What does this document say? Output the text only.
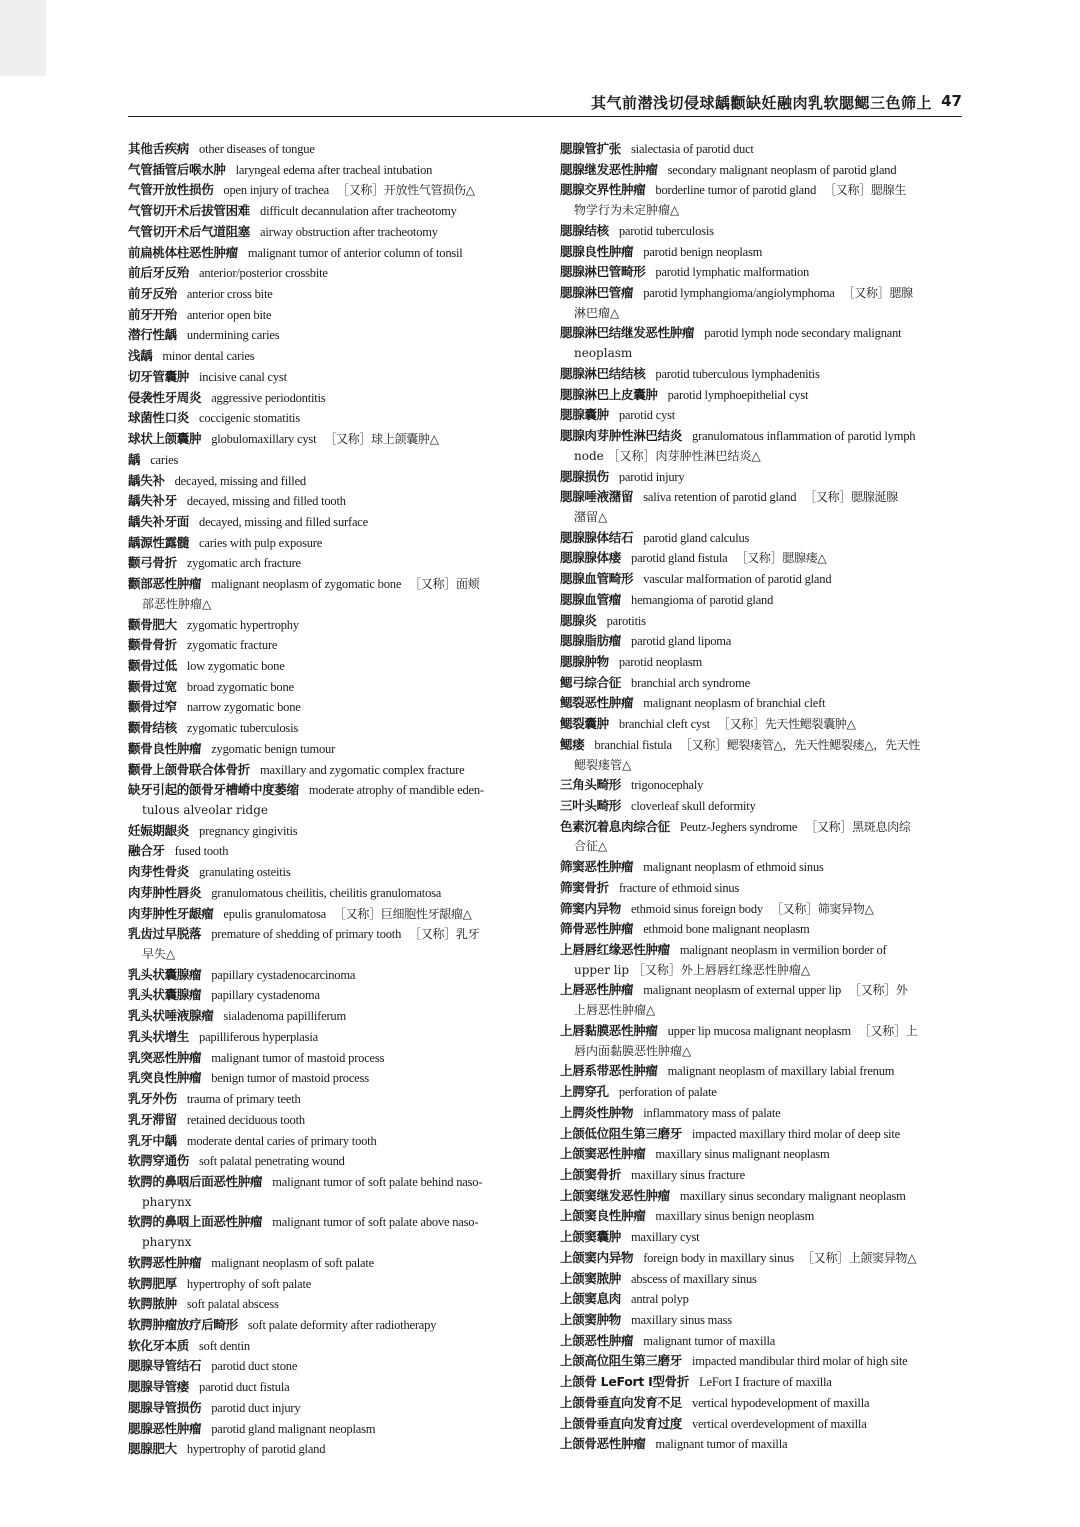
其气前潜浅切侵球龋颧缺妊融肉乳软腮鳃三色筛上 47
其他舌疾病 other diseases of tongue
气管插管后喉水肿 laryngeal edema after tracheal intubation
气管开放性损伤 open injury of trachea ［又称］开放性气管损伤△
气管切开术后拔管困难 difficult decannulation after tracheotomy
气管切开术后气道阻塞 airway obstruction after tracheotomy
前扁桃体柱恶性肿瘤 malignant tumor of anterior column of tonsil
前后牙反殆 anterior/posterior crossbite
前牙反殆 anterior cross bite
前牙开殆 anterior open bite
潜行性龋 undermining caries
浅龋 minor dental caries
切牙管囊肿 incisive canal cyst
侵袭性牙周炎 aggressive periodontitis
球菌性口炎 coccigenic stomatitis
球状上颌囊肿 globulomaxillary cyst ［又称］球上颌囊肿△
龋 caries
龋失补 decayed, missing and filled
龋失补牙 decayed, missing and filled tooth
龋失补牙面 decayed, missing and filled surface
龋源性露髓 caries with pulp exposure
颧弓骨折 zygomatic arch fracture
颧部恶性肿瘤 malignant neoplasm of zygomatic bone ［又称］面颊
部恶性肿瘤△
颧骨肥大 zygomatic hypertrophy
颧骨骨折 zygomatic fracture
颧骨过低 low zygomatic bone
颧骨过宽 broad zygomatic bone
颧骨过窄 narrow zygomatic bone
颧骨结核 zygomatic tuberculosis
颧骨良性肿瘤 zygomatic benign tumour
颧骨上颌骨联合体骨折 maxillary and zygomatic complex fracture
缺牙引起的颌骨牙槽嵴中度萎缩 moderate atrophy of mandible eden-
tulous alveolar ridge
妊娠期龈炎 pregnancy gingivitis
融合牙 fused tooth
肉芽性骨炎 granulating osteitis
肉芽肿性唇炎 granulomatous cheilitis, cheilitis granulomatosa
肉芽肿性牙龈瘤 epulis granulomatosa ［又称］巨细胞性牙龈瘤△
乳齿过早脱落 premature of shedding of primary tooth ［又称］乳牙
早失△
乳头状囊腺瘤 papillary cystadenocarcinoma
乳头状囊腺瘤 papillary cystadenoma
乳头状唾液腺瘤 sialadenoma papilliferum
乳头状增生 papilliferous hyperplasia
乳突恶性肿瘤 malignant tumor of mastoid process
乳突良性肿瘤 benign tumor of mastoid process
乳牙外伤 trauma of primary teeth
乳牙滞留 retained deciduous tooth
乳牙中龋 moderate dental caries of primary tooth
软腭穿通伤 soft palatal penetrating wound
软腭的鼻咽后面恶性肿瘤 malignant tumor of soft palate behind naso-
pharynx
软腭的鼻咽上面恶性肿瘤 malignant tumor of soft palate above naso-
pharynx
软腭恶性肿瘤 malignant neoplasm of soft palate
软腭肥厚 hypertrophy of soft palate
软腭脓肿 soft palatal abscess
软腭肿瘤放疗后畸形 soft palate deformity after radiotherapy
软化牙本质 soft dentin
腮腺导管结石 parotid duct stone
腮腺导管瘘 parotid duct fistula
腮腺导管损伤 parotid duct injury
腮腺恶性肿瘤 parotid gland malignant neoplasm
腮腺肥大 hypertrophy of parotid gland
腮腺管扩张 sialectasia of parotid duct
腮腺继发恶性肿瘤 secondary malignant neoplasm of parotid gland
腮腺交界性肿瘤 borderline tumor of parotid gland ［又称］腮腺生
物学行为未定肿瘤△
腮腺结核 parotid tuberculosis
腮腺良性肿瘤 parotid benign neoplasm
腮腺淋巴管畸形 parotid lymphatic malformation
腮腺淋巴管瘤 parotid lymphangioma/angiolymphoma ［又称］腮腺
淋巴瘤△
腮腺淋巴结继发恶性肿瘤 parotid lymph node secondary malignant
neoplasm
腮腺淋巴结结核 parotid tuberculous lymphadenitis
腮腺淋巴上皮囊肿 parotid lymphoepithelial cyst
腮腺囊肿 parotid cyst
腮腺肉芽肿性淋巴结炎 granulomatous inflammation of parotid lymph
node ［又称］肉芽肿性淋巴结炎△
腮腺损伤 parotid injury
腮腺唾液潴留 saliva retention of parotid gland ［又称］腮腺涎腺
潴留△
腮腺腺体结石 parotid gland calculus
腮腺腺体瘘 parotid gland fistula ［又称］腮腺瘘△
腮腺血管畸形 vascular malformation of parotid gland
腮腺血管瘤 hemangioma of parotid gland
腮腺炎 parotitis
腮腺脂肪瘤 parotid gland lipoma
腮腺肿物 parotid neoplasm
鳃弓综合征 branchial arch syndrome
鳃裂恶性肿瘤 malignant neoplasm of branchial cleft
鳃裂囊肿 branchial cleft cyst ［又称］先天性鳃裂囊肿△
鳃瘘 branchial fistula ［又称］鳃裂瘘管△，先天性鳃裂瘘△，先天性
鳃裂瘘管△
三角头畸形 trigonocephaly
三叶头畸形 cloverleaf skull deformity
色素沉着息肉综合征 Peutz-Jeghers syndrome ［又称］黑斑息肉综
合征△
筛窦恶性肿瘤 malignant neoplasm of ethmoid sinus
筛窦骨折 fracture of ethmoid sinus
筛窦内异物 ethmoid sinus foreign body ［又称］筛窦异物△
筛骨恶性肿瘤 ethmoid bone malignant neoplasm
上唇唇红缘恶性肿瘤 malignant neoplasm in vermilion border of
upper lip ［又称］外上唇唇红缘恶性肿瘤△
上唇恶性肿瘤 malignant neoplasm of external upper lip ［又称］外
上唇恶性肿瘤△
上唇黏膜恶性肿瘤 upper lip mucosa malignant neoplasm ［又称］上
唇内面黏膜恶性肿瘤△
上唇系带恶性肿瘤 malignant neoplasm of maxillary labial frenum
上腭穿孔 perforation of palate
上腭炎性肿物 inflammatory mass of palate
上颌低位阻生第三磨牙 impacted maxillary third molar of deep site
上颌窦恶性肿瘤 maxillary sinus malignant neoplasm
上颌窦骨折 maxillary sinus fracture
上颌窦继发恶性肿瘤 maxillary sinus secondary malignant neoplasm
上颌窦良性肿瘤 maxillary sinus benign neoplasm
上颌窦囊肿 maxillary cyst
上颌窦内异物 foreign body in maxillary sinus ［又称］上颌窦异物△
上颌窦脓肿 abscess of maxillary sinus
上颌窦息肉 antral polyp
上颌窦肿物 maxillary sinus mass
上颌恶性肿瘤 malignant tumor of maxilla
上颌高位阻生第三磨牙 impacted mandibular third molar of high site
上颌骨 LeFort Ⅰ型骨折 LeFort Ⅰ fracture of maxilla
上颌骨垂直向发育不足 vertical hypodevelopment of maxilla
上颌骨垂直向发育过度 vertical overdevelopment of maxilla
上颌骨恶性肿瘤 malignant tumor of maxilla
